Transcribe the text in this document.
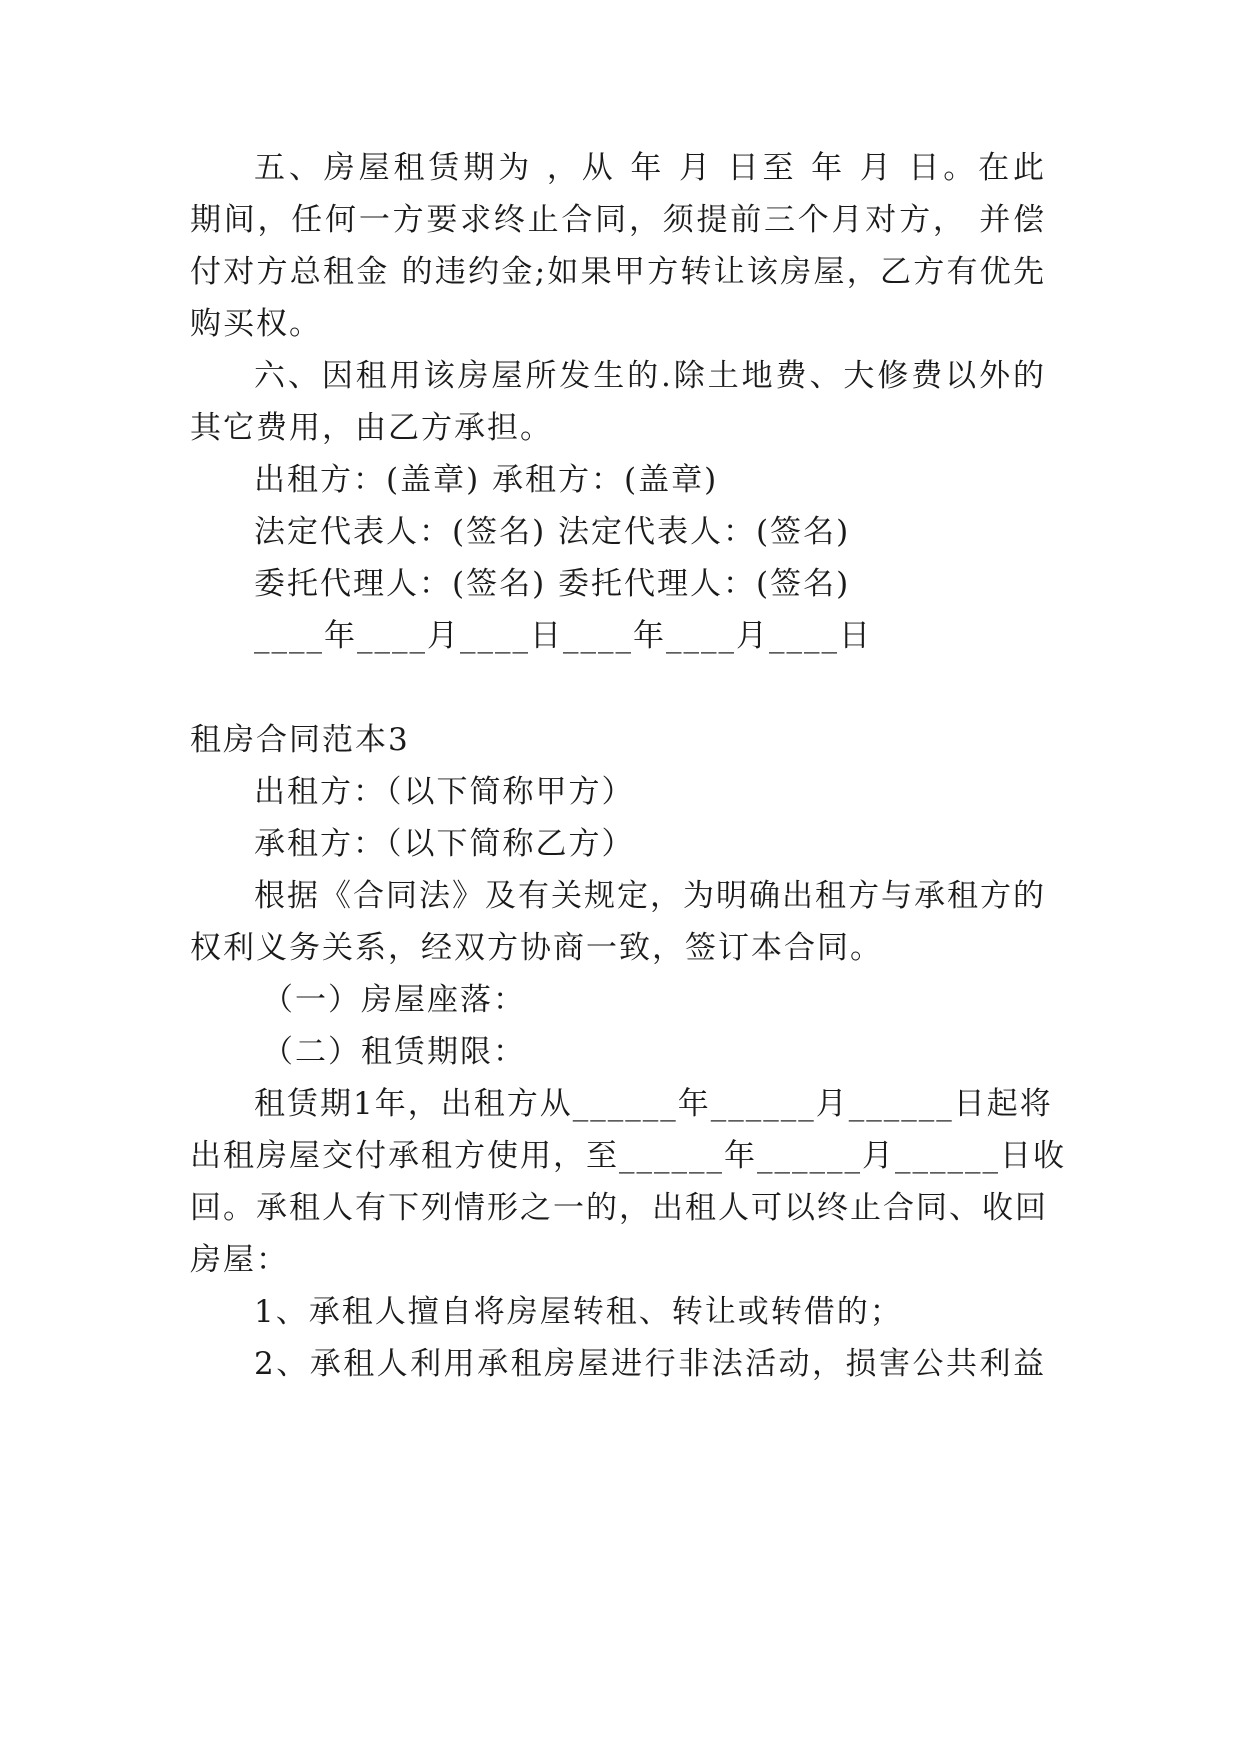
五、房屋租赁期为 ，从 年 月 日至 年 月 日。在此
期间，任何一方要求终止合同，须提前三个月对方， 并偿
付对方总租金 的违约金;如果甲方转让该房屋，乙方有优先
购买权。
六、因租用该房屋所发生的.除土地费、大修费以外的
其它费用，由乙方承担。
出租方：(盖章) 承租方：(盖章)
法定代表人：(签名) 法定代表人：(签名)
委托代理人：(签名) 委托代理人：(签名)
____年____月____日____年____月____日
租房合同范本3
出租方：（以下简称甲方）
承租方：（以下简称乙方）
根据《合同法》及有关规定，为明确出租方与承租方的
权利义务关系，经双方协商一致，签订本合同。
（一）房屋座落：
（二）租赁期限：
租赁期1年，出租方从______年______月______日起将
出租房屋交付承租方使用，至______年______月______日收
回。承租人有下列情形之一的，出租人可以终止合同、收回
房屋：
1、承租人擅自将房屋转租、转让或转借的；
2、承租人利用承租房屋进行非法活动，损害公共利益
